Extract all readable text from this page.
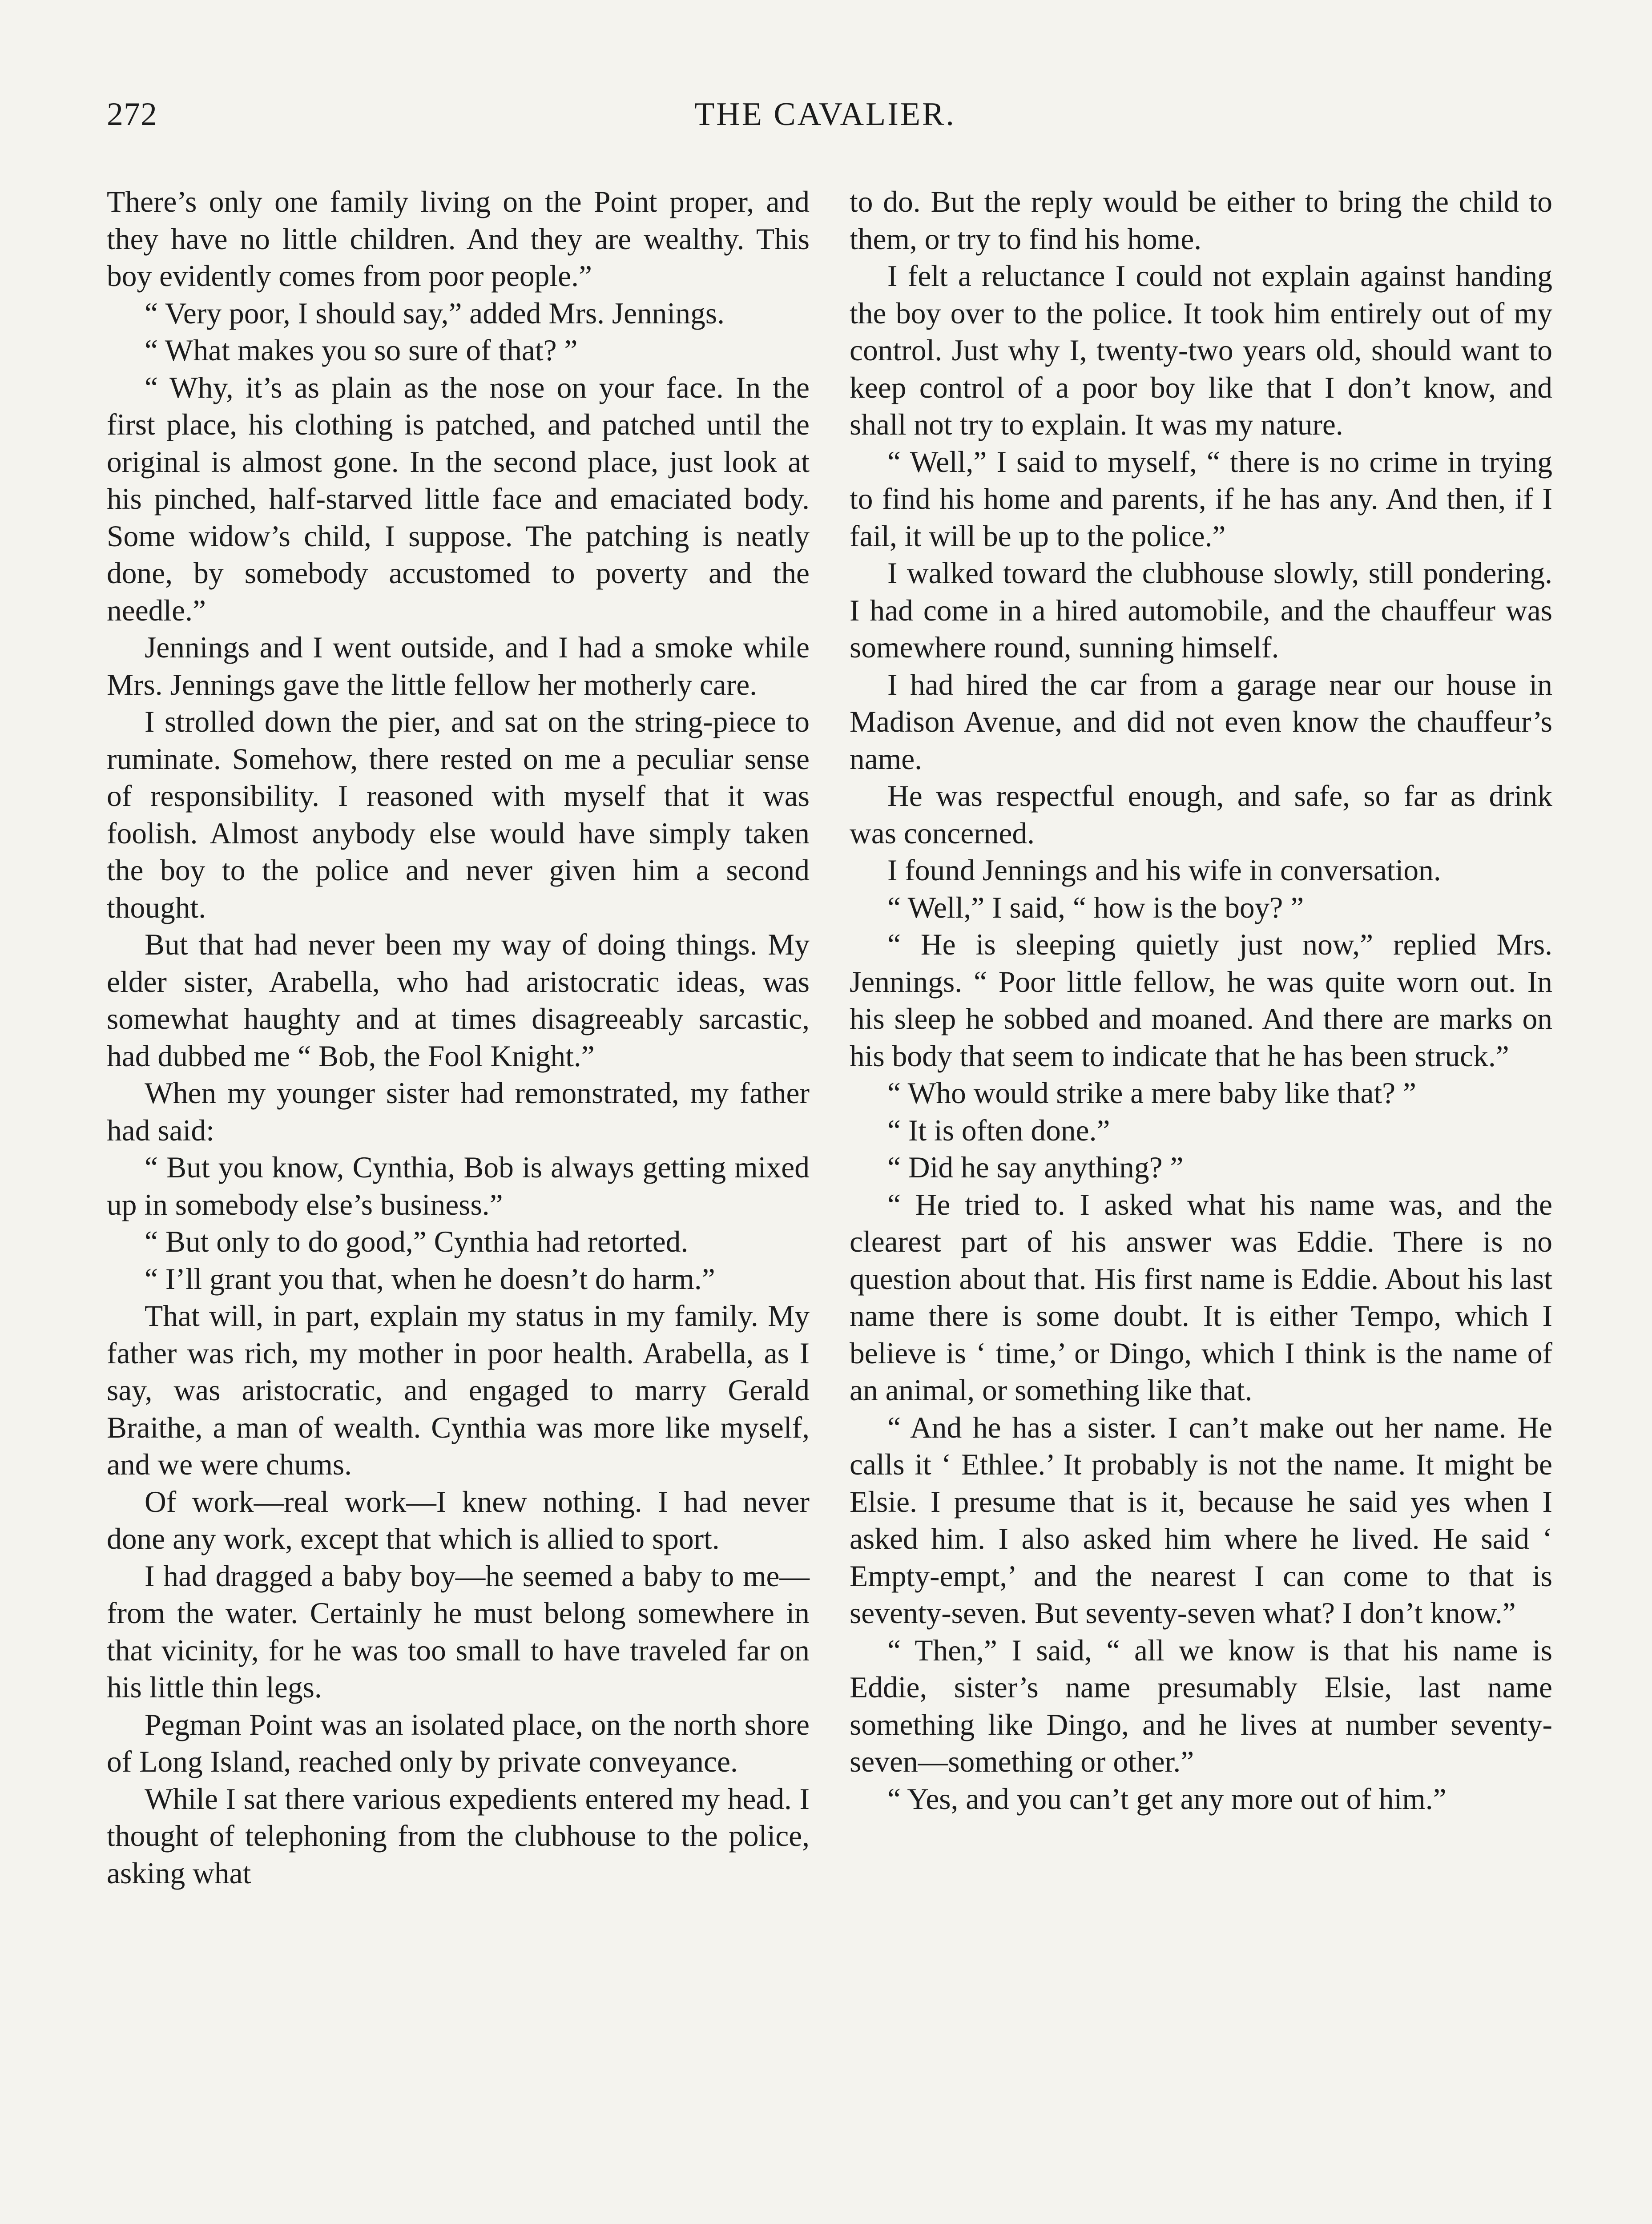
272	THE CAVALIER.

There’s only one family living on the Point proper, and they have no little children. And they are wealthy. This boy evidently comes from poor people.”

“ Very poor, I should say,” added Mrs. Jennings.

“ What makes you so sure of that? ”

“ Why, it’s as plain as the nose on your face. In the first place, his clothing is patched, and patched until the original is almost gone. In the second place, just look at his pinched, half-starved little face and emaciated body. Some widow’s child, I suppose. The patching is neatly done, by somebody accustomed to poverty and the needle.”

Jennings and I went outside, and I had a smoke while Mrs. Jennings gave the little fellow her motherly care.

I strolled down the pier, and sat on the string-piece to ruminate. Somehow, there rested on me a peculiar sense of responsibility. I reasoned with myself that it was foolish. Almost anybody else would have simply taken the boy to the police and never given him a second thought.

But that had never been my way of doing things. My elder sister, Arabella, who had aristocratic ideas, was somewhat haughty and at times disagreeably sarcastic, had dubbed me “ Bob, the Fool Knight.”

When my younger sister had remonstrated, my father had said:

“ But you know, Cynthia, Bob is always getting mixed up in somebody else’s business.”

“ But only to do good,” Cynthia had retorted.

“ I’ll grant you that, when he doesn’t do harm.”

That will, in part, explain my status in my family. My father was rich, my mother in poor health. Arabella, as I say, was aristocratic, and engaged to marry Gerald Braithe, a man of wealth. Cynthia was more like myself, and we were chums.

Of work—real work—I knew nothing. I had never done any work, except that which is allied to sport.

I had dragged a baby boy—he seemed a baby to me—from the water. Certainly he must belong somewhere in that vicinity, for he was too small to have traveled far on his little thin legs.

Pegman Point was an isolated place, on the north shore of Long Island, reached only by private conveyance.

While I sat there various expedients entered my head. I thought of telephoning from the clubhouse to the police, asking what

to do. But the reply would be either to bring the child to them, or try to find his home.

I felt a reluctance I could not explain against handing the boy over to the police. It took him entirely out of my control. Just why I, twenty-two years old, should want to keep control of a poor boy like that I don’t know, and shall not try to explain. It was my nature.

“ Well,” I said to myself, “ there is no crime in trying to find his home and parents, if he has any. And then, if I fail, it will be up to the police.”

I walked toward the clubhouse slowly, still pondering. I had come in a hired automobile, and the chauffeur was somewhere round, sunning himself.

I had hired the car from a garage near our house in Madison Avenue, and did not even know the chauffeur’s name.

He was respectful enough, and safe, so far as drink was concerned.

I found Jennings and his wife in conversation.

“ Well,” I said, “ how is the boy? ”

“ He is sleeping quietly just now,” replied Mrs. Jennings. “ Poor little fellow, he was quite worn out. In his sleep he sobbed and moaned. And there are marks on his body that seem to indicate that he has been struck.”

“ Who would strike a mere baby like that? ”

“ It is often done.”

“ Did he say anything? ”

“ He tried to. I asked what his name was, and the clearest part of his answer was Eddie. There is no question about that. His first name is Eddie. About his last name there is some doubt. It is either Tempo, which I believe is ‘ time,’ or Dingo, which I think is the name of an animal, or something like that.

“ And he has a sister. I can’t make out her name. He calls it ‘ Ethlee.’ It probably is not the name. It might be Elsie. I presume that is it, because he said yes when I asked him. I also asked him where he lived. He said ‘ Empty-empt,’ and the nearest I can come to that is seventy-seven. But seventy-seven what? I don’t know.”

“ Then,” I said, “ all we know is that his name is Eddie, sister’s name presumably Elsie, last name something like Dingo, and he lives at number seventy-seven—something or other.”

“ Yes, and you can’t get any more out of him.”
